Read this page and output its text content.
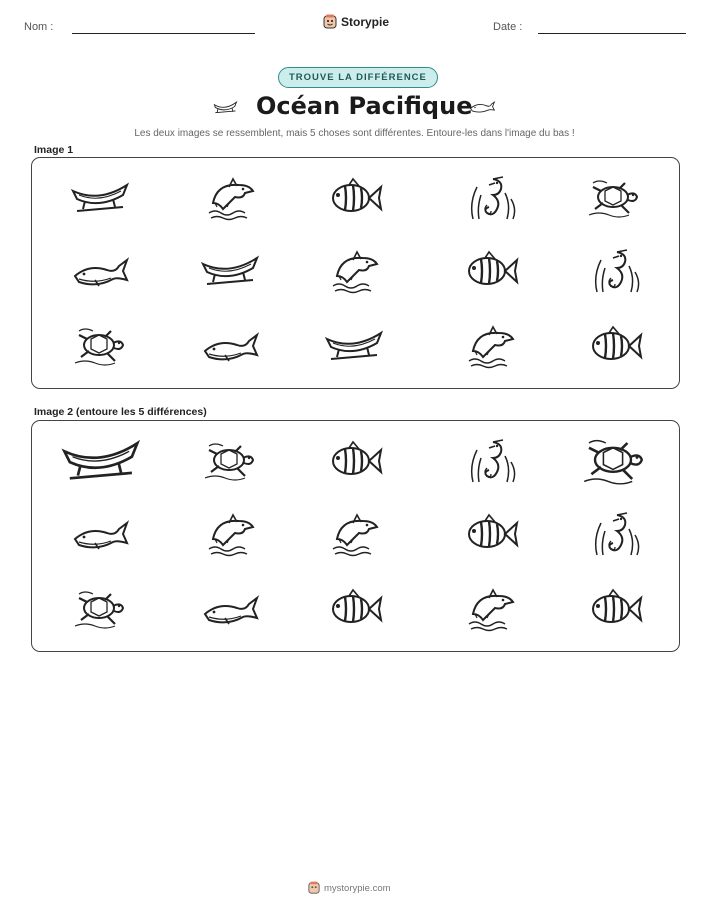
Nom :	Storypie	Date :
TROUVE LA DIFFÉRENCE
Océan Pacifique
Les deux images se ressemblent, mais 5 choses sont différentes. Entoure-les dans l'image du bas !
Image 1
Image 2 (entoure les 5 différences)
mystorypie.com
